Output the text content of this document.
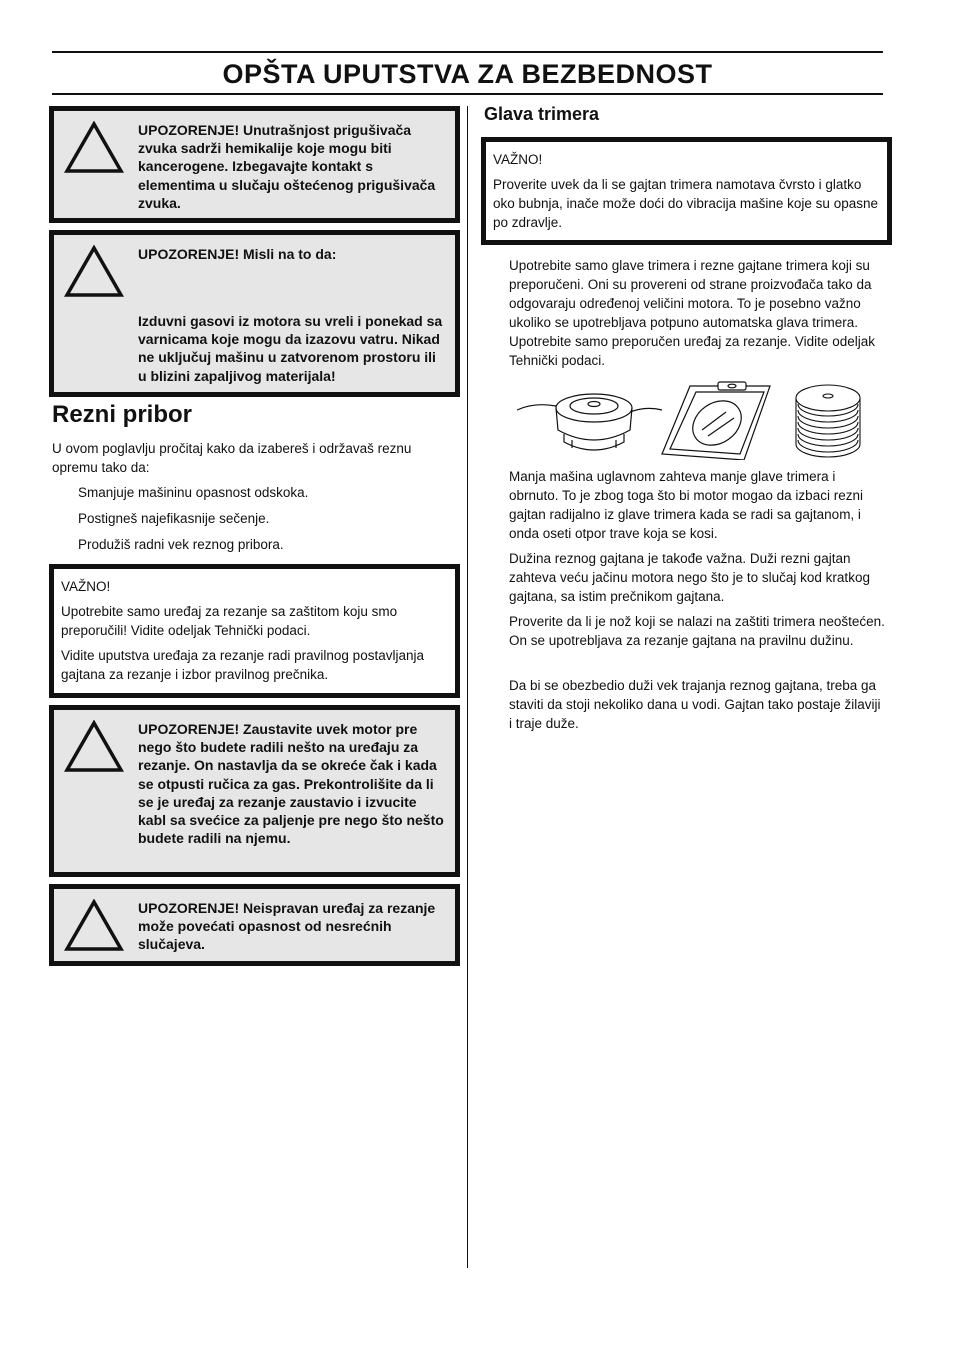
OPŠTA UPUTSTVA ZA BEZBEDNOST

UPOZORENJE! Unutrašnjost prigušivača zvuka sadrži hemikalije koje mogu biti kancerogene. Izbegavajte kontakt s elementima u slučaju oštećenog prigušivača zvuka.

UPOZORENJE! Misli na to da:

Izduvni gasovi iz motora su vreli i ponekad sa varnicama koje mogu da izazovu vatru. Nikad ne uključuj mašinu u zatvorenom prostoru ili u blizini zapaljivog materijala!

Rezni pribor

U ovom poglavlju pročitaj kako da izabereš i održavaš reznu opremu tako da:

Smanjuje mašininu opasnost odskoka.

Postigneš najefikasnije sečenje.

Produžiš radni vek reznog pribora.

VAŽNO!

Upotrebite samo uređaj za rezanje sa zaštitom koju smo preporučili! Vidite odeljak Tehnički podaci.

Vidite uputstva uređaja za rezanje radi pravilnog postavljanja gajtana za rezanje i izbor pravilnog prečnika.

UPOZORENJE! Zaustavite uvek motor pre nego što budete radili nešto na uređaju za rezanje. On nastavlja da se okreće čak i kada se otpusti ručica za gas. Prekontrolišite da li se je uređaj za rezanje zaustavio i izvucite kabl sa svećice za paljenje pre nego što nešto budete radili na njemu.

UPOZORENJE! Neispravan uređaj za rezanje može povećati opasnost od nesrećnih slučajeva.

Glava trimera

VAŽNO!

Proverite uvek da li se gajtan trimera namotava čvrsto i glatko oko bubnja, inače može doći do vibracija mašine koje su opasne po zdravlje.

Upotrebite samo glave trimera i rezne gajtane trimera koji su preporučeni. Oni su provereni od strane proizvođača tako da odgovaraju određenoj veličini motora. To je posebno važno ukoliko se upotrebljava potpuno automatska glava trimera. Upotrebite samo preporučen uređaj za rezanje. Vidite odeljak Tehnički podaci.

Manja mašina uglavnom zahteva manje glave trimera i obrnuto. To je zbog toga što bi motor mogao da izbaci rezni gajtan radijalno iz glave trimera kada se radi sa gajtanom, i onda oseti otpor trave koja se kosi.

Dužina reznog gajtana je takođe važna. Duži rezni gajtan zahteva veću jačinu motora nego što je to slučaj kod kratkog gajtana, sa istim prečnikom gajtana.

Proverite da li je nož koji se nalazi na zaštiti trimera neoštećen. On se upotrebljava za rezanje gajtana na pravilnu dužinu.

Da bi se obezbedio duži vek trajanja reznog gajtana, treba ga staviti da stoji nekoliko dana u vodi. Gajtan tako postaje žilaviji i traje duže.
